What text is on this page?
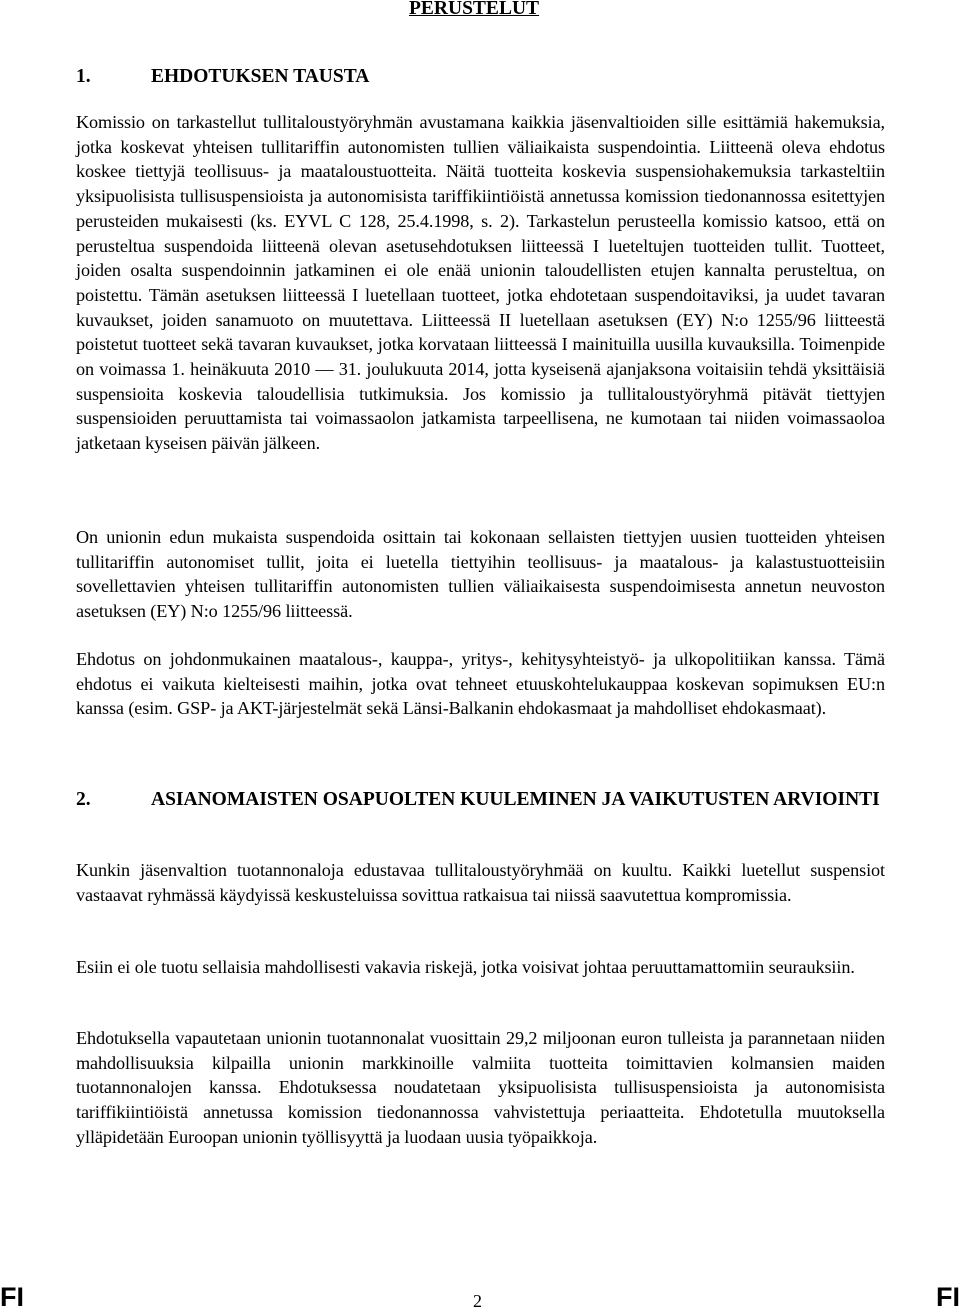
PERUSTELUT
1.	EHDOTUKSEN TAUSTA

Komissio on tarkastellut tullitaloustyöryhmän avustamana kaikkia jäsenvaltioiden sille esittämiä hakemuksia, jotka koskevat yhteisen tullitariffin autonomisten tullien väliaikaista suspendointia. Liitteenä oleva ehdotus koskee tiettyjä teollisuus- ja maataloustuotteita. Näitä tuotteita koskevia suspensiohakemuksia tarkasteltiin yksipuolisista tullisuspensioista ja autonomisista tariffikiintiöistä annetussa komission tiedonannossa esitettyjen perusteiden mukaisesti (ks. EYVL C 128, 25.4.1998, s. 2). Tarkastelun perusteella komissio katsoo, että on perusteltua suspendoida liitteenä olevan asetusehdotuksen liitteessä I lueteltujen tuotteiden tullit. Tuotteet, joiden osalta suspendoinnin jatkaminen ei ole enää unionin taloudellisten etujen kannalta perusteltua, on poistettu. Tämän asetuksen liitteessä I luetellaan tuotteet, jotka ehdotetaan suspendoitaviksi, ja uudet tavaran kuvaukset, joiden sanamuoto on muutettava. Liitteessä II luetellaan asetuksen (EY) N:o 1255/96 liitteestä poistetut tuotteet sekä tavaran kuvaukset, jotka korvataan liitteessä I mainituilla uusilla kuvauksilla. Toimenpide on voimassa 1. heinäkuuta 2010 — 31. joulukuuta 2014, jotta kyseisenä ajanjaksona voitaisiin tehdä yksittäisiä suspensioita koskevia taloudellisia tutkimuksia. Jos komissio ja tullitaloustyöryhmä pitävät tiettyjen suspensioiden peruuttamista tai voimassaolon jatkamista tarpeellisena, ne kumotaan tai niiden voimassaoloa jatketaan kyseisen päivän jälkeen.

On unionin edun mukaista suspendoida osittain tai kokonaan sellaisten tiettyjen uusien tuotteiden yhteisen tullitariffin autonomiset tullit, joita ei luetella tiettyihin teollisuus- ja maatalous- ja kalastustuotteisiin sovellettavien yhteisen tullitariffin autonomisten tullien väliaikaisesta suspendoimisesta annetun neuvoston asetuksen (EY) N:o 1255/96 liitteessä.

Ehdotus on johdonmukainen maatalous-, kauppa-, yritys-, kehitysyhteistyö- ja ulkopolitiikan kanssa. Tämä ehdotus ei vaikuta kielteisesti maihin, jotka ovat tehneet etuuskohtelukauppaa koskevan sopimuksen EU:n kanssa (esim. GSP- ja AKT-järjestelmät sekä Länsi-Balkanin ehdokasmaat ja mahdolliset ehdokasmaat).

2.	ASIANOMAISTEN OSAPUOLTEN KUULEMINEN JA VAIKUTUSTEN ARVIOINTI

Kunkin jäsenvaltion tuotannonaloja edustavaa tullitaloustyöryhmää on kuultu. Kaikki luetellut suspensiot vastaavat ryhmässä käydyissä keskusteluissa sovittua ratkaisua tai niissä saavutettua kompromissia.

Esiin ei ole tuotu sellaisia mahdollisesti vakavia riskejä, jotka voisivat johtaa peruuttamattomiin seurauksiin.

Ehdotuksella vapautetaan unionin tuotannonalat vuosittain 29,2 miljoonan euron tulleista ja parannetaan niiden mahdollisuuksia kilpailla unionin markkinoille valmiita tuotteita toimittavien kolmansien maiden tuotannonalojen kanssa. Ehdotuksessa noudatetaan yksipuolisista tullisuspensioista ja autonomisista tariffikiintiöistä annetussa komission tiedonannossa vahvistettuja periaatteita. Ehdotetulla muutoksella ylläpidetään Euroopan unionin työllisyyttä ja luodaan uusia työpaikkoja.

FI	2	FI
